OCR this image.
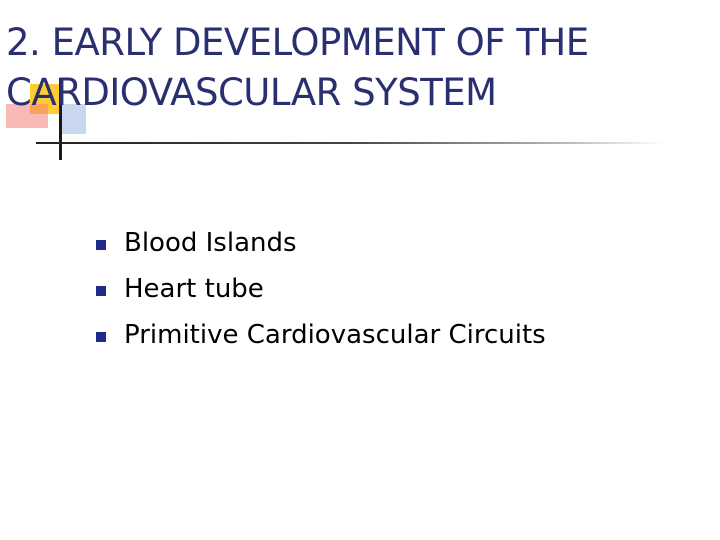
2. EARLY DEVELOPMENT OF THE
CARDIOVASCULAR SYSTEM
Blood Islands
Heart tube
Primitive Cardiovascular Circuits
